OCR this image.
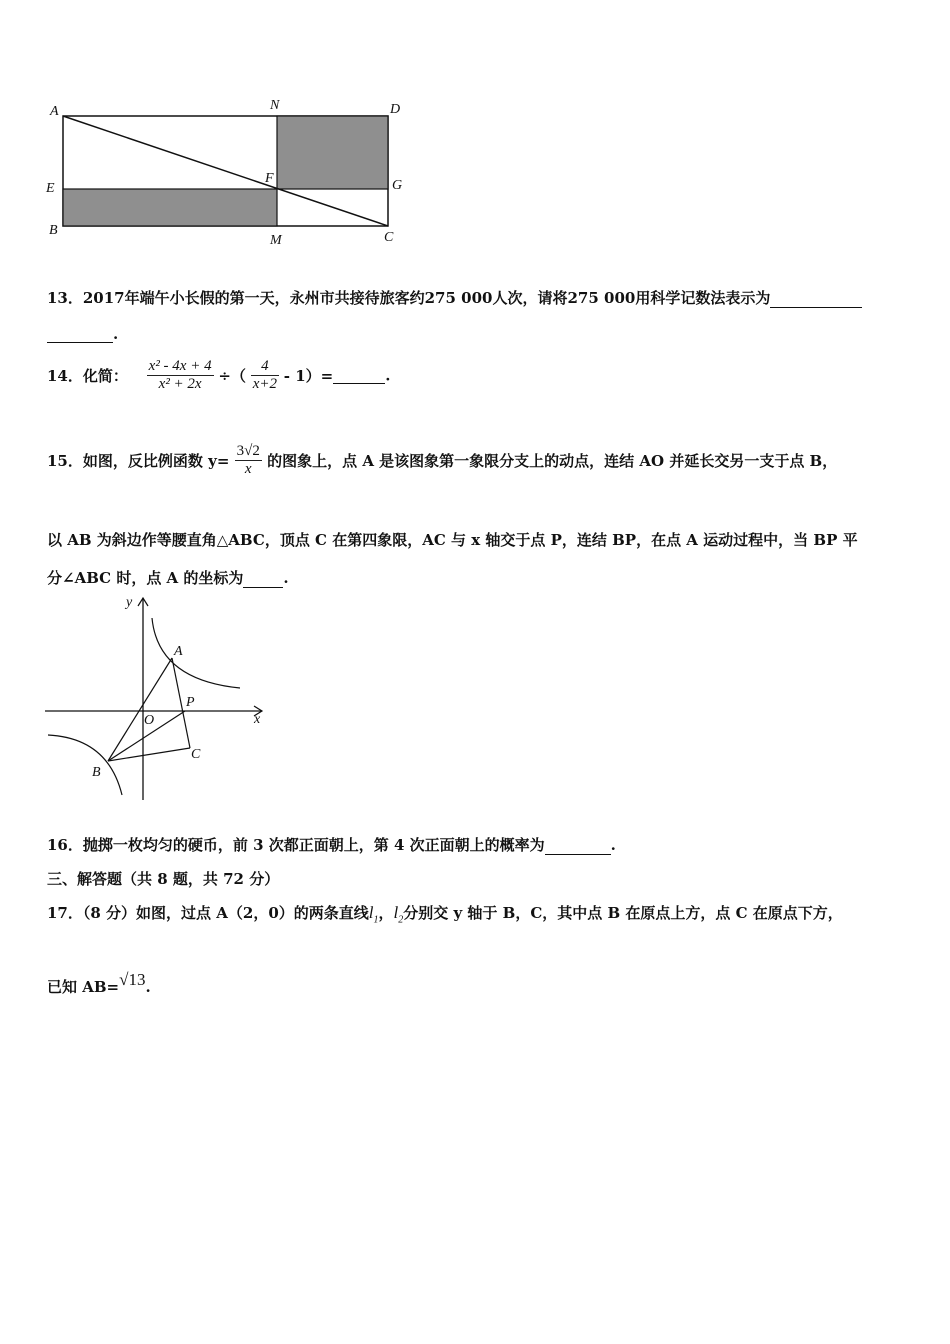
A	N	D
E
F	G
B
M	C
13．2017年端午小长假的第一天，永州市共接待旅客约275 000人次，请将275 000用科学记数法表示为
.
14．化简： $\frac{\text{x² - 4x + 4}}{\text{x² + 2x}}$ ÷（ $\frac{4}{x+2} - 1)=$	.
15．如图，反比例函数 $y= \frac{3√2}{x}$ 的图象上，点 A 是该图象第一象限分支上的动点，连结 AO 并延长交另一支于点 B，
以 AB 为斜边作等腰直角△ABC，顶点 C 在第四象限，AC 与 x 轴交于点 P，连结 BP，在点 A 运动过程中，当 BP 平
分∠ABC 时，点 A 的坐标为	.
y
x
A
O
P
B
C
16．抛掷一枚均匀的硬币，前 3 次都正面朝上，第 4 次正面朝上的概率为	.
三、解答题（共 8 题，共 72 分）
17．（8 分）如图，过点 A（2，0）的两条直线$l_1$，$l_2$分别交 y 轴于 B，C，其中点 B 在原点上方，点 C 在原点下方，
已知 AB=√13.
